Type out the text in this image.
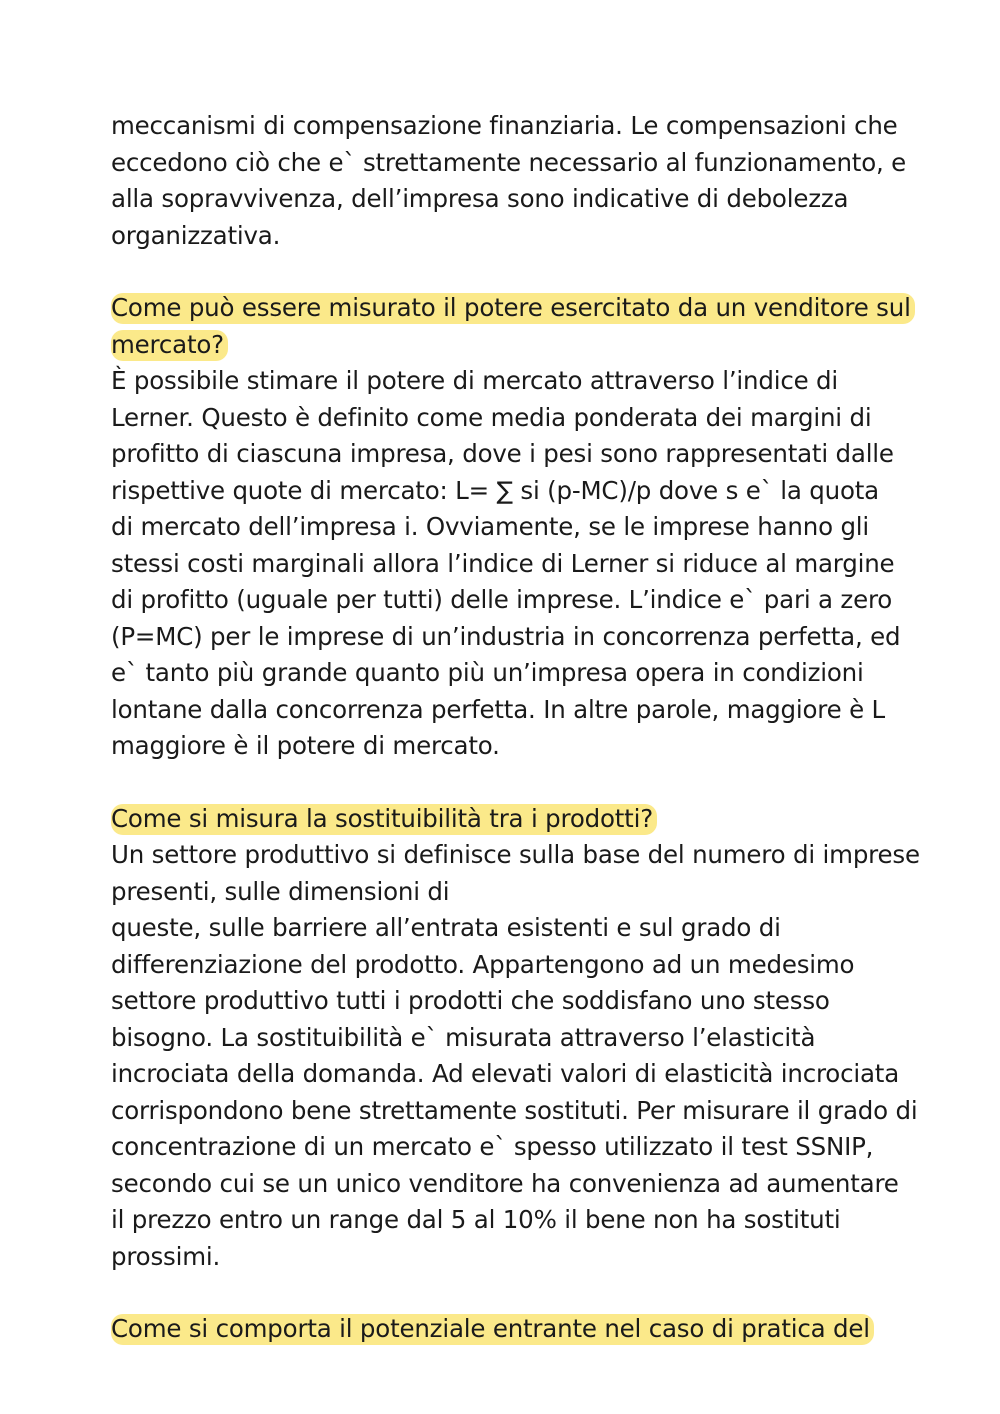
meccanismi di compensazione finanziaria. Le compensazioni che
eccedono ciò che e` strettamente necessario al funzionamento, e
alla sopravvivenza, dell’impresa sono indicative di debolezza
organizzativa.
Come può essere misurato il potere esercitato da un venditore sul
mercato?
È possibile stimare il potere di mercato attraverso l’indice di
Lerner. Questo è definito come media ponderata dei margini di
profitto di ciascuna impresa, dove i pesi sono rappresentati dalle
rispettive quote di mercato: L= ∑ si (p-MC)/p dove s e` la quota
di mercato dell’impresa i. Ovviamente, se le imprese hanno gli
stessi costi marginali allora l’indice di Lerner si riduce al margine
di profitto (uguale per tutti) delle imprese. L’indice e` pari a zero
(P=MC) per le imprese di un’industria in concorrenza perfetta, ed
e` tanto più grande quanto più un’impresa opera in condizioni
lontane dalla concorrenza perfetta. In altre parole, maggiore è L
maggiore è il potere di mercato.
Come si misura la sostituibilità tra i prodotti?
Un settore produttivo si definisce sulla base del numero di imprese
presenti, sulle dimensioni di
queste, sulle barriere all’entrata esistenti e sul grado di
differenziazione del prodotto. Appartengono ad un medesimo
settore produttivo tutti i prodotti che soddisfano uno stesso
bisogno. La sostituibilità e` misurata attraverso l’elasticità
incrociata della domanda. Ad elevati valori di elasticità incrociata
corrispondono bene strettamente sostituti. Per misurare il grado di
concentrazione di un mercato e` spesso utilizzato il test SSNIP,
secondo cui se un unico venditore ha convenienza ad aumentare
il prezzo entro un range dal 5 al 10% il bene non ha sostituti
prossimi.
Come si comporta il potenziale entrante nel caso di pratica del
